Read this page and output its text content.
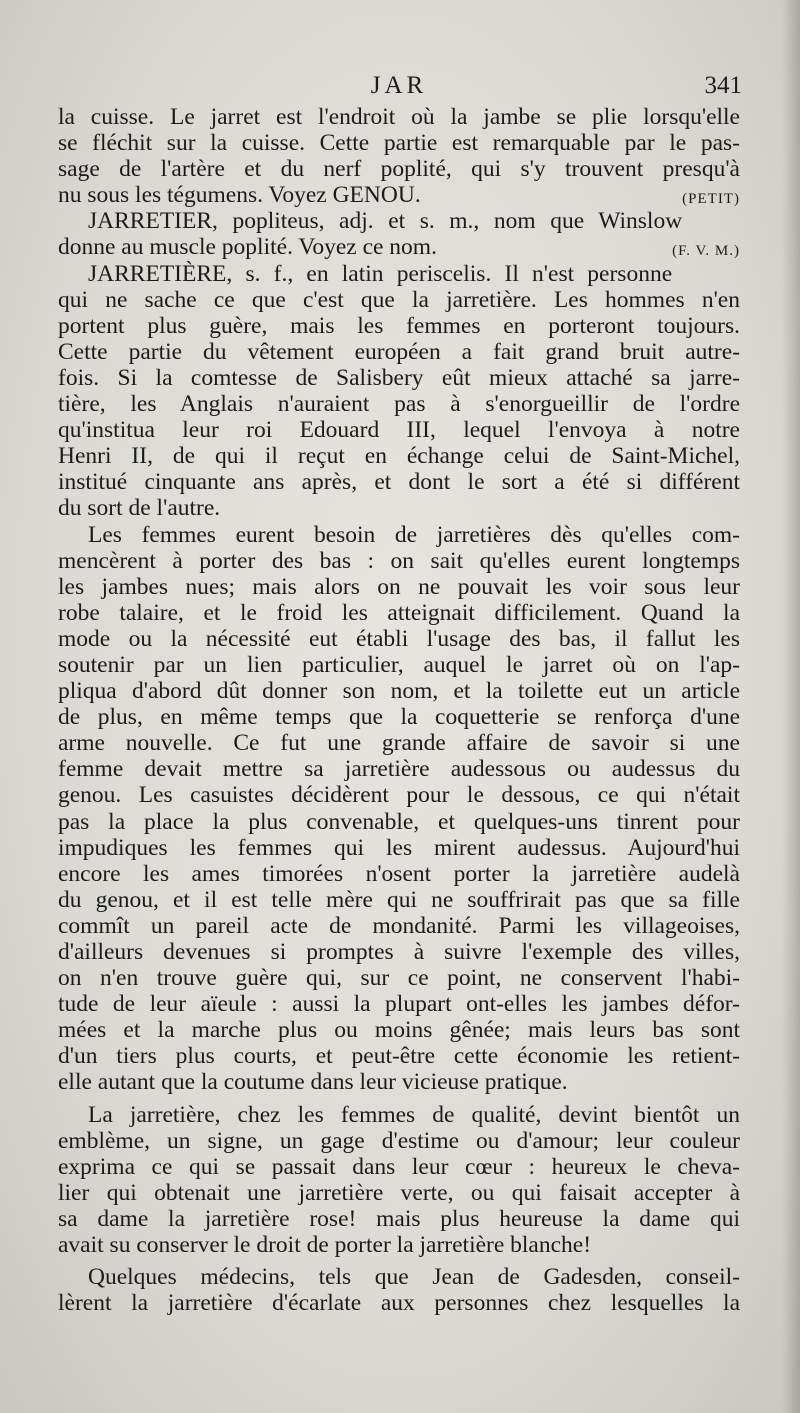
JAR	341
la cuisse. Le jarret est l'endroit où la jambe se plie lorsqu'elle
se fléchit sur la cuisse. Cette partie est remarquable par le pas-
sage de l'artère et du nerf poplité, qui s'y trouvent presqu'à
nu sous les tégumens. Voyez GENOU.	(PETIT)
JARRETIER, popliteus, adj. et s. m., nom que Winslow
donne au muscle poplité. Voyez ce nom.	(F. V. M.)
JARRETIÈRE, s. f., en latin periscelis. Il n'est personne
qui ne sache ce que c'est que la jarretière. Les hommes n'en
portent plus guère, mais les femmes en porteront toujours.
Cette partie du vêtement européen a fait grand bruit autre-
fois. Si la comtesse de Salisbery eût mieux attaché sa jarre-
tière, les Anglais n'auraient pas à s'enorgueillir de l'ordre
qu'institua leur roi Edouard III, lequel l'envoya à notre
Henri II, de qui il reçut en échange celui de Saint-Michel,
institué cinquante ans après, et dont le sort a été si différent
du sort de l'autre.
Les femmes eurent besoin de jarretières dès qu'elles com-
mencèrent à porter des bas : on sait qu'elles eurent longtemps
les jambes nues; mais alors on ne pouvait les voir sous leur
robe talaire, et le froid les atteignait difficilement. Quand la
mode ou la nécessité eut établi l'usage des bas, il fallut les
soutenir par un lien particulier, auquel le jarret où on l'ap-
pliqua d'abord dût donner son nom, et la toilette eut un article
de plus, en même temps que la coquetterie se renforça d'une
arme nouvelle. Ce fut une grande affaire de savoir si une
femme devait mettre sa jarretière audessous ou audessus du
genou. Les casuistes décidèrent pour le dessous, ce qui n'était
pas la place la plus convenable, et quelques-uns tinrent pour
impudiques les femmes qui les mirent audessus. Aujourd'hui
encore les ames timorées n'osent porter la jarretière audelà
du genou, et il est telle mère qui ne souffrirait pas que sa fille
commît un pareil acte de mondanité. Parmi les villageoises,
d'ailleurs devenues si promptes à suivre l'exemple des villes,
on n'en trouve guère qui, sur ce point, ne conservent l'habi-
tude de leur aïeule : aussi la plupart ont-elles les jambes défor-
mées et la marche plus ou moins gênée; mais leurs bas sont
d'un tiers plus courts, et peut-être cette économie les retient-
elle autant que la coutume dans leur vicieuse pratique.
La jarretière, chez les femmes de qualité, devint bientôt un
emblème, un signe, un gage d'estime ou d'amour; leur couleur
exprima ce qui se passait dans leur cœur : heureux le cheva-
lier qui obtenait une jarretière verte, ou qui faisait accepter à
sa dame la jarretière rose! mais plus heureuse la dame qui
avait su conserver le droit de porter la jarretière blanche!
Quelques médecins, tels que Jean de Gadesden, conseil-
lèrent la jarretière d'écarlate aux personnes chez lesquelles la
